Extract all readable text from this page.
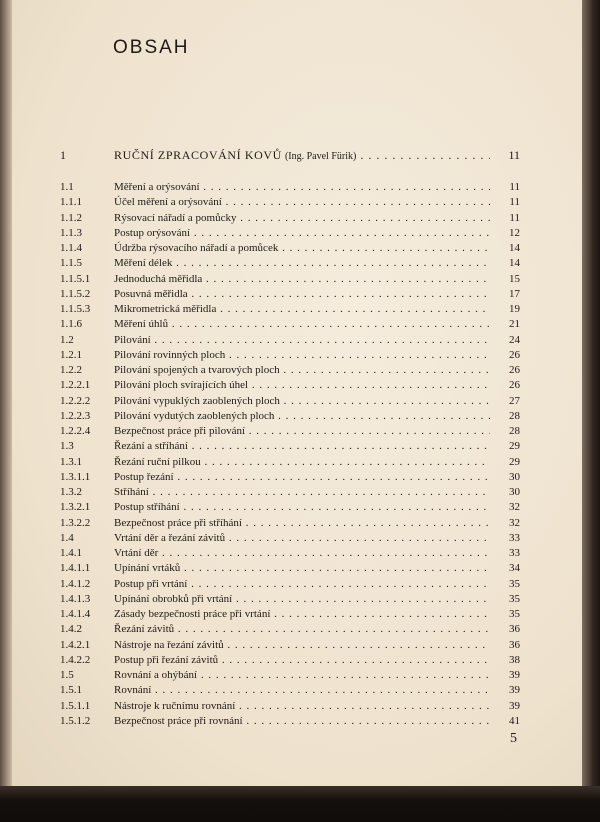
OBSAH
1	RUČNÍ ZPRACOVÁNÍ KOVŮ (Ing. Pavel Fürik) . . .	11
1.1	Měření a orýsování . . .	11
1.1.1	Účel měření a orýsování . . .	11
1.1.2	Rýsovací nářadí a pomůcky . . .	11
1.1.3	Postup orýsování . . .	12
1.1.4	Údržba rýsovacího nářadí a pomůcek . . .	14
1.1.5	Měření délek . . .	14
1.1.5.1 Jednoduchá měřidla . . .	15
1.1.5.2 Posuvná měřidla . . .	17
1.1.5.3 Mikrometrická měřidla . . .	19
1.1.6	Měření úhlů . . .	21
1.2	Pilování . . .	24
1.2.1	Pilování rovinných ploch . . .	26
1.2.2	Pilování spojených a tvarových ploch . . .	26
1.2.2.1 Pilování ploch svírajících úhel . . .	26
1.2.2.2 Pilování vypuklých zaoblených ploch . . .	27
1.2.2.3 Pilování vydutých zaoblených ploch . . .	28
1.2.2.4 Bezpečnost práce při pilování . . .	28
1.3	Řezání a stříhání . . .	29
1.3.1	Řezání ruční pilkou . . .	29
1.3.1.1 Postup řezání . . .	30
1.3.2	Stříhání . . .	30
1.3.2.1 Postup stříhání . . .	32
1.3.2.2 Bezpečnost práce při stříhání . . .	32
1.4	Vrtání děr a řezání závitů . . .	33
1.4.1	Vrtání děr . . .	33
1.4.1.1 Upínání vrtáků . . .	34
1.4.1.2 Postup při vrtání . . .	35
1.4.1.3 Upínání obrobků při vrtání . . .	35
1.4.1.4 Zásady bezpečnosti práce při vrtání . . .	35
1.4.2	Řezání závitů . . .	36
1.4.2.1 Nástroje na řezání závitů . . .	36
1.4.2.2 Postup při řezání závitů . . .	38
1.5	Rovnání a ohýbání . . .	39
1.5.1	Rovnání . . .	39
1.5.1.1 Nástroje k ručnímu rovnání . . .	39
1.5.1.2 Bezpečnost práce při rovnání . . .	41
5
